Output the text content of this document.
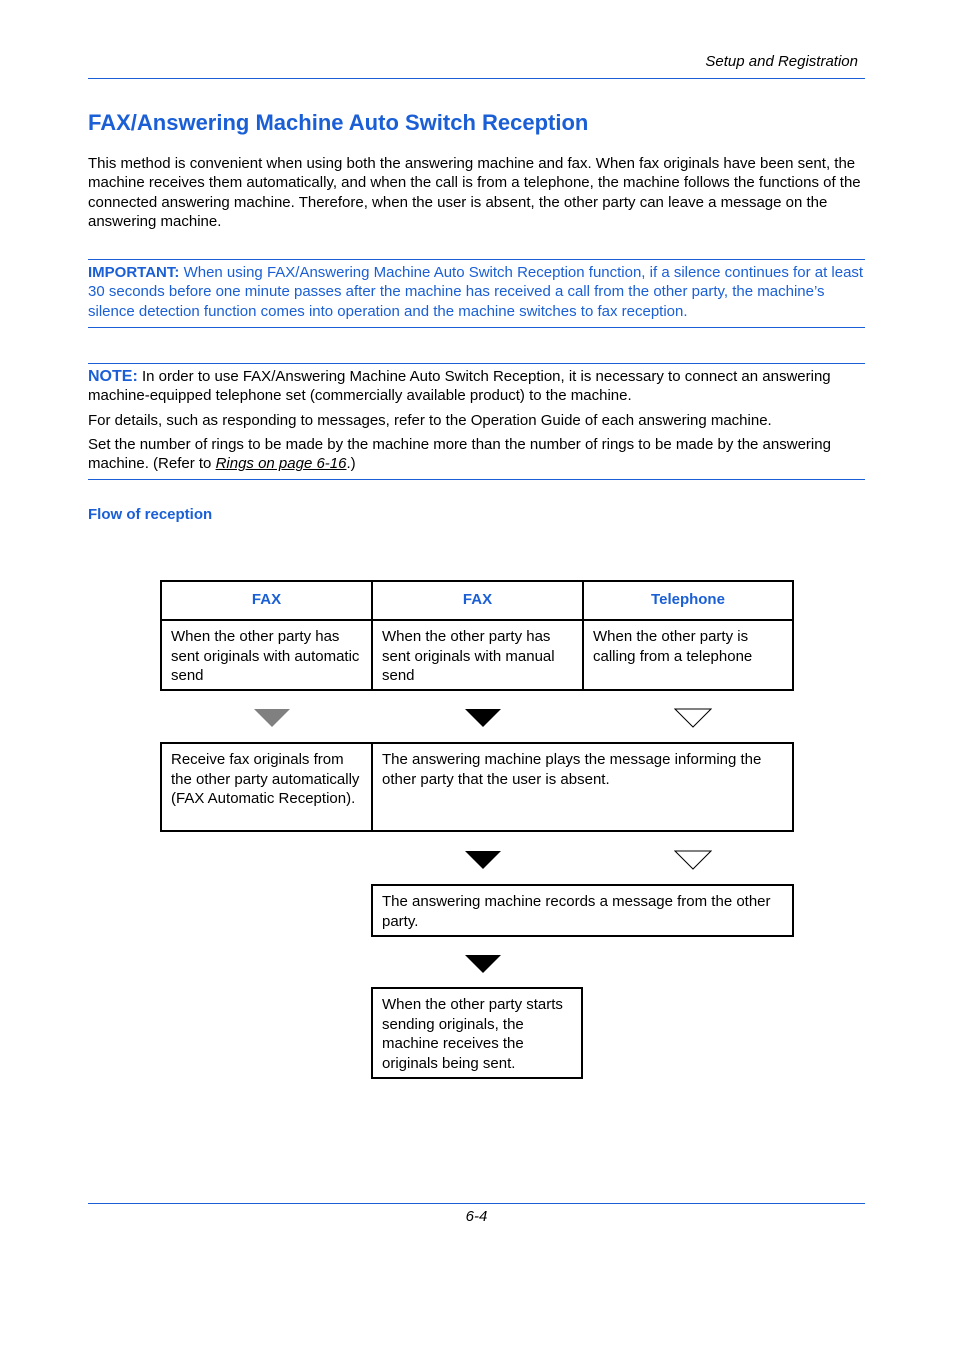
Setup and Registration
FAX/Answering Machine Auto Switch Reception

This method is convenient when using both the answering machine and fax. When fax originals have been sent, the machine receives them automatically, and when the call is from a telephone, the machine follows the functions of the connected answering machine. Therefore, when the user is absent, the other party can leave a message on the answering machine.

IMPORTANT: When using FAX/Answering Machine Auto Switch Reception function, if a silence continues for at least 30 seconds before one minute passes after the machine has received a call from the other party, the machine’s silence detection function comes into operation and the machine switches to fax reception.

NOTE: In order to use FAX/Answering Machine Auto Switch Reception, it is necessary to connect an answering machine-equipped telephone set (commercially available product) to the machine.

For details, such as responding to messages, refer to the Operation Guide of each answering machine.

Set the number of rings to be made by the machine more than the number of rings to be made by the answering machine. (Refer to Rings on page 6-16.)

Flow of reception

FAX	FAX	Telephone
When the other party has sent originals with automatic send
When the other party has sent originals with manual send
When the other party is calling from a telephone
Receive fax originals from the other party automatically (FAX Automatic Reception).
The answering machine plays the message informing the other party that the user is absent.
The answering machine records a message from the other party.
When the other party starts sending originals, the machine receives the originals being sent.
6-4
